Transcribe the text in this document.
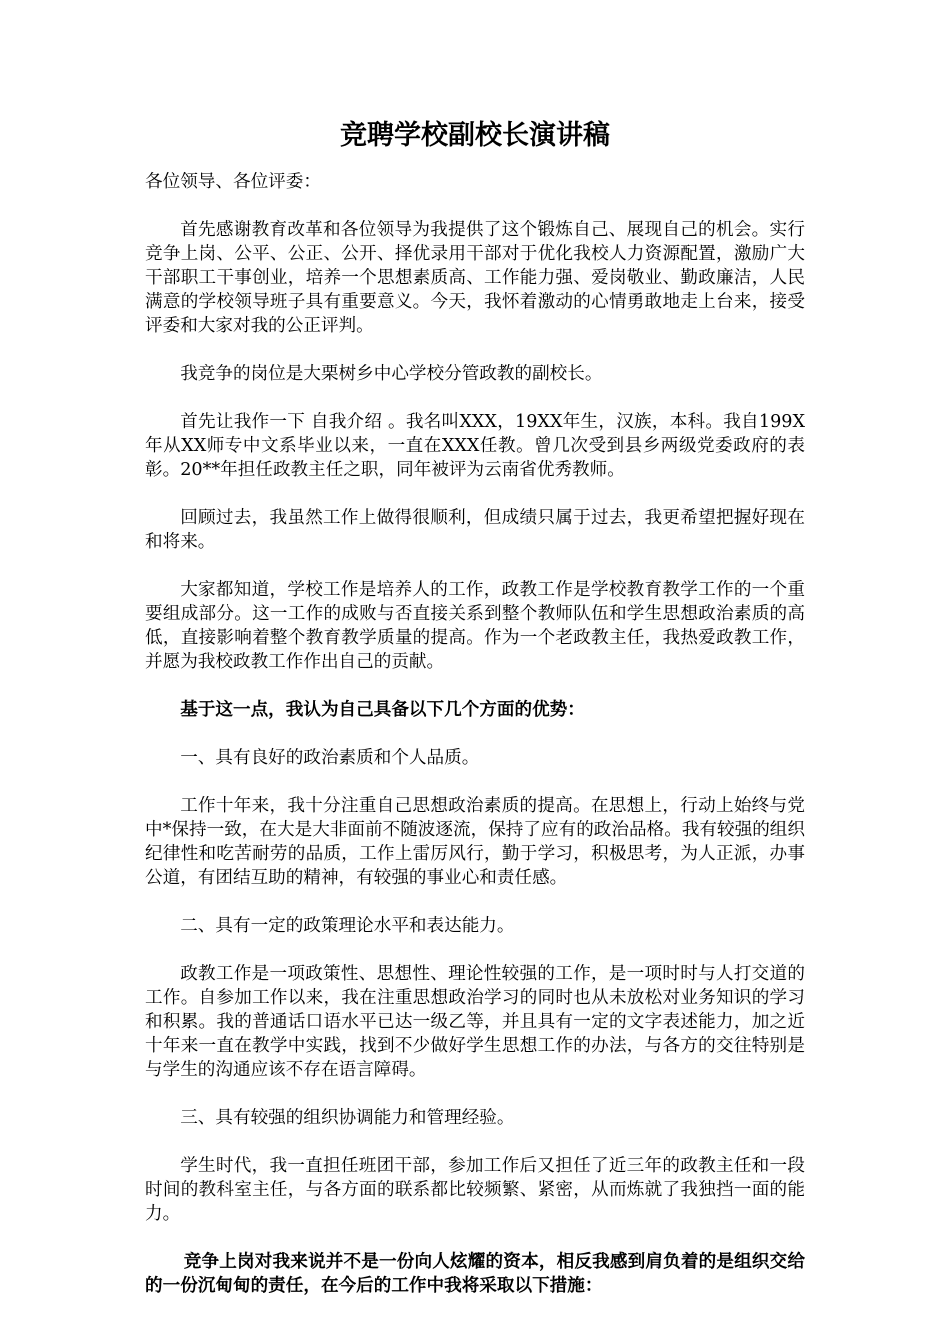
竞聘学校副校长演讲稿

各位领导、各位评委：

首先感谢教育改革和各位领导为我提供了这个锻炼自己、展现自己的机会。实行竞争上岗、公平、公正、公开、择优录用干部对于优化我校人力资源配置，激励广大干部职工干事创业，培养一个思想素质高、工作能力强、爱岗敬业、勤政廉洁，人民满意的学校领导班子具有重要意义。今天，我怀着激动的心情勇敢地走上台来，接受评委和大家对我的公正评判。

我竞争的岗位是大栗树乡中心学校分管政教的副校长。

首先让我作一下 自我介绍 。我名叫XXX，19XX年生，汉族，本科。我自199X年从XX师专中文系毕业以来，一直在XXX任教。曾几次受到县乡两级党委政府的表彰。20**年担任政教主任之职，同年被评为云南省优秀教师。

回顾过去，我虽然工作上做得很顺利，但成绩只属于过去，我更希望把握好现在和将来。

大家都知道，学校工作是培养人的工作，政教工作是学校教育教学工作的一个重要组成部分。这一工作的成败与否直接关系到整个教师队伍和学生思想政治素质的高低，直接影响着整个教育教学质量的提高。作为一个老政教主任，我热爱政教工作，并愿为我校政教工作作出自己的贡献。

基于这一点，我认为自己具备以下几个方面的优势：

一、具有良好的政治素质和个人品质。

工作十年来，我十分注重自己思想政治素质的提高。在思想上，行动上始终与党中*保持一致，在大是大非面前不随波逐流，保持了应有的政治品格。我有较强的组织纪律性和吃苦耐劳的品质，工作上雷厉风行，勤于学习，积极思考，为人正派，办事公道，有团结互助的精神，有较强的事业心和责任感。

二、具有一定的政策理论水平和表达能力。

政教工作是一项政策性、思想性、理论性较强的工作，是一项时时与人打交道的工作。自参加工作以来，我在注重思想政治学习的同时也从未放松对业务知识的学习和积累。我的普通话口语水平已达一级乙等，并且具有一定的文字表述能力，加之近十年来一直在教学中实践，找到不少做好学生思想工作的办法，与各方的交往特别是与学生的沟通应该不存在语言障碍。

三、具有较强的组织协调能力和管理经验。

学生时代，我一直担任班团干部，参加工作后又担任了近三年的政教主任和一段时间的教科室主任，与各方面的联系都比较频繁、紧密，从而炼就了我独挡一面的能力。

竞争上岗对我来说并不是一份向人炫耀的资本，相反我感到肩负着的是组织交给的一份沉甸甸的责任，在今后的工作中我将采取以下措施：
